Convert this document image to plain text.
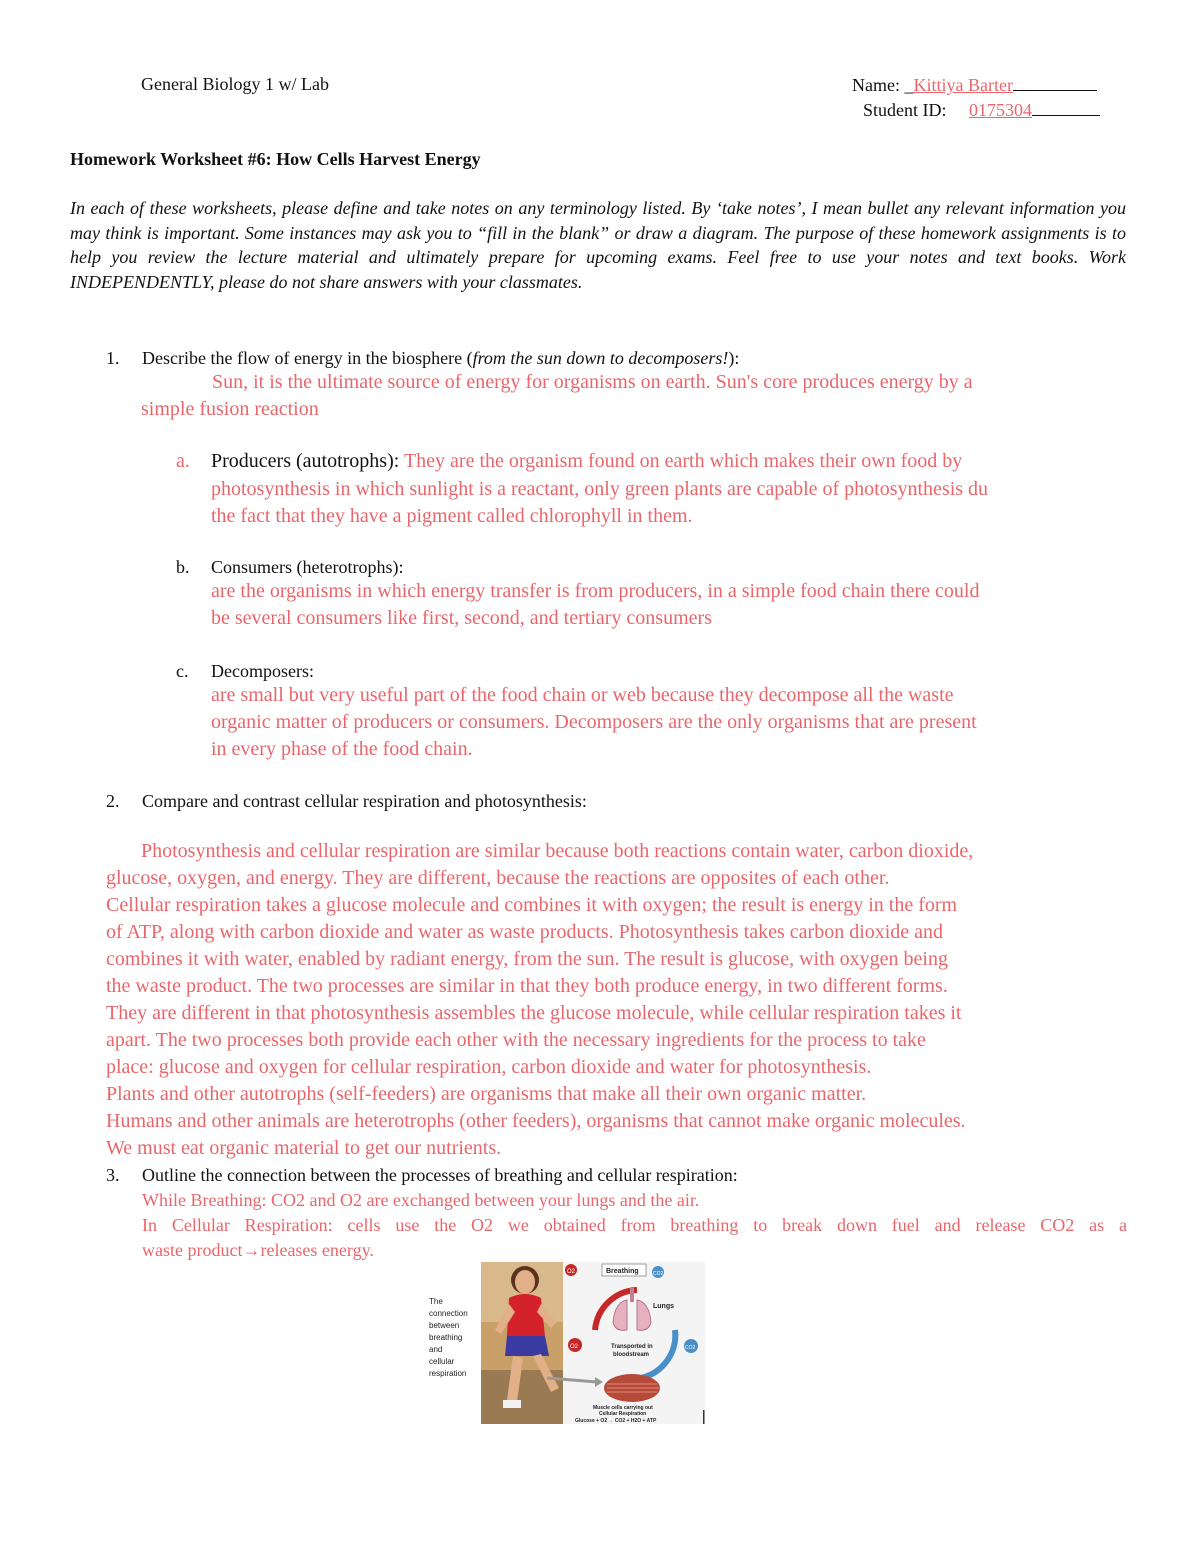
General Biology 1 w/ Lab	Name: _Kittiya Barter
Student ID: 0175304
Homework Worksheet #6: How Cells Harvest Energy
In each of these worksheets, please define and take notes on any terminology listed. By ‘take notes’, I mean bullet any relevant information you may think is important. Some instances may ask you to “fill in the blank” or draw a diagram. The purpose of these homework assignments is to help you review the lecture material and ultimately prepare for upcoming exams. Feel free to use your notes and text books. Work INDEPENDENTLY, please do not share answers with your classmates.
1. Describe the flow of energy in the biosphere (from the sun down to decomposers!):
Sun, it is the ultimate source of energy for organisms on earth. Sun's core produces energy by a
simple fusion reaction
a. Producers (autotrophs): They are the organism found on earth which makes their own food by
photosynthesis in which sunlight is a reactant, only green plants are capable of photosynthesis du
the fact that they have a pigment called chlorophyll in them.
b. Consumers (heterotrophs):
are the organisms in which energy transfer is from producers, in a simple food chain there could
be several consumers like first, second, and tertiary consumers
c. Decomposers:
are small but very useful part of the food chain or web because they decompose all the waste
organic matter of producers or consumers. Decomposers are the only organisms that are present
in every phase of the food chain.
2. Compare and contrast cellular respiration and photosynthesis:
Photosynthesis and cellular respiration are similar because both reactions contain water, carbon dioxide,
glucose, oxygen, and energy. They are different, because the reactions are opposites of each other.
Cellular respiration takes a glucose molecule and combines it with oxygen; the result is energy in the form
of ATP, along with carbon dioxide and water as waste products. Photosynthesis takes carbon dioxide and
combines it with water, enabled by radiant energy, from the sun. The result is glucose, with oxygen being
the waste product. The two processes are similar in that they both produce energy, in two different forms.
They are different in that photosynthesis assembles the glucose molecule, while cellular respiration takes it
apart. The two processes both provide each other with the necessary ingredients for the process to take
place: glucose and oxygen for cellular respiration, carbon dioxide and water for photosynthesis.
Plants and other autotrophs (self-feeders) are organisms that make all their own organic matter.
Humans and other animals are heterotrophs (other feeders), organisms that cannot make organic molecules.
We must eat organic material to get our nutrients.
3. Outline the connection between the processes of breathing and cellular respiration:
While Breathing: CO2 and O2 are exchanged between your lungs and the air.
In Cellular Respiration: cells use the O2 we obtained from breathing to break down fuel and release CO2 as a
waste product→releases energy.
The
connection
between
breathing
and
cellular
respiration
O2	CO2
O2	CO2
Breathing
Lungs
Transported in
bloodstream
Muscle cells carrying out
Cellular Respiration
Glucose + O2 → CO2 + H2O + ATP
